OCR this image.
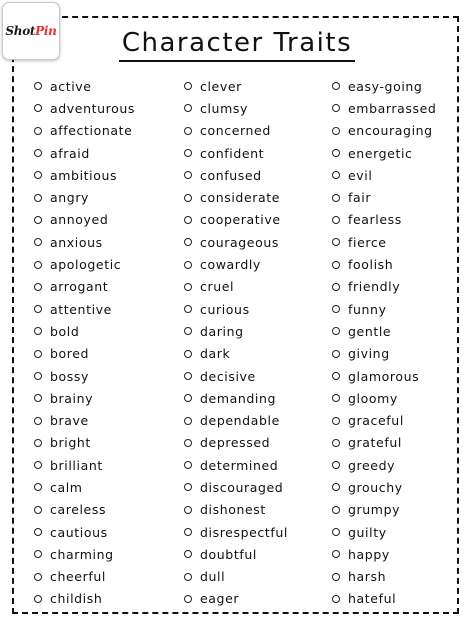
ShotPin	Character Traits
active
adventurous
affectionate
afraid
ambitious
angry
annoyed
anxious
apologetic
arrogant
attentive
bold
bored
bossy
brainy
brave
bright
brilliant
calm
careless
cautious
charming
cheerful
childish
clever
clumsy
concerned
confident
confused
considerate
cooperative
courageous
cowardly
cruel
curious
daring
dark
decisive
demanding
dependable
depressed
determined
discouraged
dishonest
disrespectful
doubtful
dull
eager
easy-going
embarrassed
encouraging
energetic
evil
fair
fearless
fierce
foolish
friendly
funny
gentle
giving
glamorous
gloomy
graceful
grateful
greedy
grouchy
grumpy
guilty
happy
harsh
hateful
